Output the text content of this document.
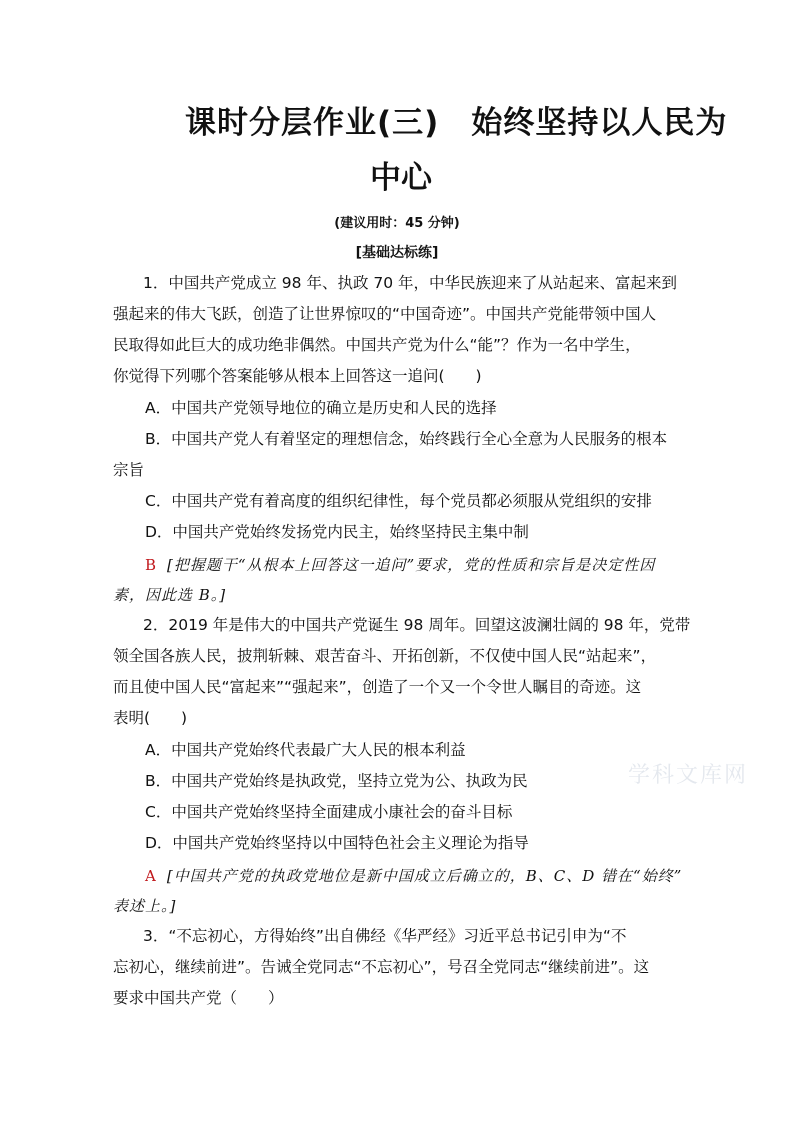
课时分层作业(三)　始终坚持以人民为
中心
(建议用时：45 分钟)
[基础达标练]
1．中国共产党成立 98 年、执政 70 年，中华民族迎来了从站起来、富起来到
强起来的伟大飞跃，创造了让世界惊叹的“中国奇迹”。中国共产党能带领中国人
民取得如此巨大的成功绝非偶然。中国共产党为什么“能”？作为一名中学生，
你觉得下列哪个答案能够从根本上回答这一追问(　　)
A．中国共产党领导地位的确立是历史和人民的选择
B．中国共产党人有着坚定的理想信念，始终践行全心全意为人民服务的根本
宗旨
C．中国共产党有着高度的组织纪律性，每个党员都必须服从党组织的安排
D．中国共产党始终发扬党内民主，始终坚持民主集中制
B [把握题干“从根本上回答这一追问”要求，党的性质和宗旨是决定性因
素，因此选 B。]
2．2019 年是伟大的中国共产党诞生 98 周年。回望这波澜壮阔的 98 年，党带
领全国各族人民，披荆斩棘、艰苦奋斗、开拓创新，不仅使中国人民“站起来”，
而且使中国人民“富起来”“强起来”，创造了一个又一个令世人瞩目的奇迹。这
表明(　　)
A．中国共产党始终代表最广大人民的根本利益
B．中国共产党始终是执政党，坚持立党为公、执政为民
C．中国共产党始终坚持全面建成小康社会的奋斗目标
D．中国共产党始终坚持以中国特色社会主义理论为指导
A [中国共产党的执政党地位是新中国成立后确立的，B、C、D 错在“始终”
表述上。]
3．“不忘初心，方得始终”出自佛经《华严经》习近平总书记引申为“不
忘初心，继续前进”。告诫全党同志“不忘初心”，号召全党同志“继续前进”。这
要求中国共产党（　　）
学科文库网
